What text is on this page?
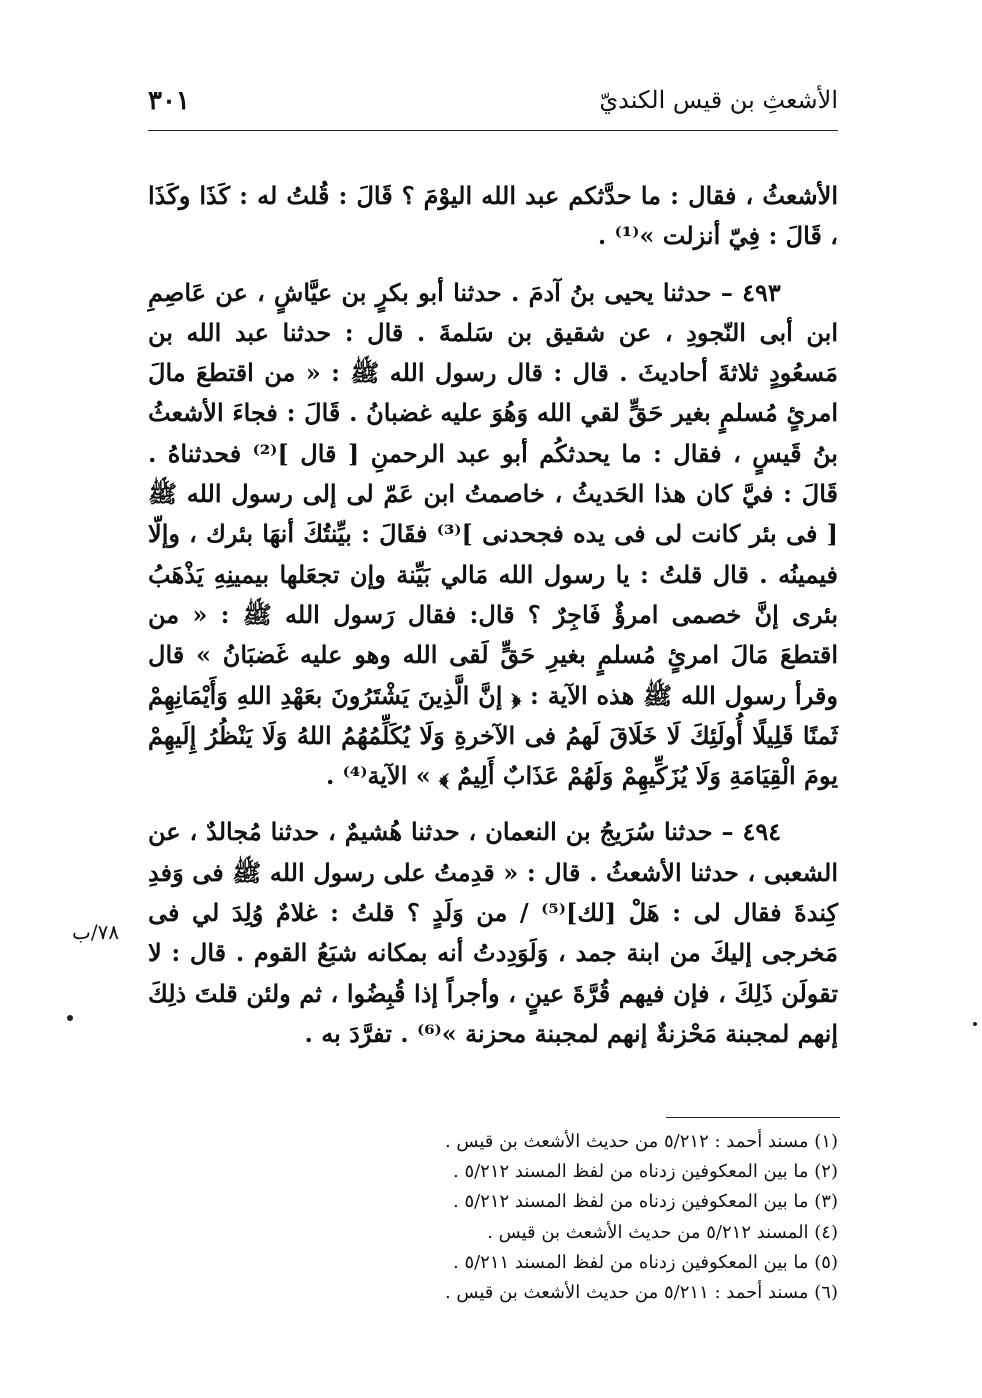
الأشعثِ بن قيس الكنديّ
٣٠١

الأشعثُ ، فقال : ما حدَّثكم عبد الله اليوْمَ ؟ قَالَ : قُلتُ له : كَذَا وكَذَا ، قَالَ : فِيّ أنزلت »⁽¹⁾ .

٤٩٣ – حدثنا يحيى بنُ آدمَ . حدثنا أبو بكرٍ بن عيَّاشٍ ، عن عَاصِمِ ابن أبى النّجودِ ، عن شقيق بن سَلمةَ . قال : حدثنا عبد الله بن مَسعُودٍ ثلاثةَ أحاديثَ . قال : قال رسول الله ﷺ : « من اقتطعَ مالَ امرئٍ مُسلمٍ بغير حَقٍّ لقي الله وَهُوَ عليه غضبانُ . قَالَ : فجاءَ الأشعثُ بنُ قَيسٍ ، فقال : ما يحدثكُم أبو عبد الرحمنِ [ قال ]⁽²⁾ فحدثناهُ . قَالَ : فيَّ كان هذا الحَديثُ ، خاصمتُ ابن عَمّ لى إلى رسول الله ﷺ [ فى بئر كانت لى فى يده فجحدنى ]⁽³⁾ فقَالَ : بيِّنتُكَ أنهَا بئرك ، وإلّا فيمينُه . قال قلتُ : يا رسول الله مَالي بَيِّنة وإن تجعَلها بيمينِهِ يَذْهَبُ بئرى إنَّ خصمى امرؤٌ فَاجِرٌ ؟ قال: فقال رَسول الله ﷺ : « من اقتطعَ مَالَ امرئٍ مُسلمٍ بغيرِ حَقٍّ لَقى الله وهو عليه غَضبَانُ » قال وقرأ رسول الله ﷺ هذه الآية : ﴿ إنَّ الَّذِينَ يَشْتَرُونَ بعَهْدِ اللهِ وَأَيْمَانِهِمْ ثَمنًا قَلِيلًا أُولَئِكَ لَا خَلَاقَ لَهمُ فى الآخرةِ وَلَا يُكَلِّمُهُمُ اللهُ وَلَا يَنْظُرُ إِلَيهِمْ يومَ الْقِيَامَةِ وَلَا يُزَكِّيهِمْ وَلَهُمْ عَذَابٌ أَلِيمٌ ﴾ » الآية⁽⁴⁾ .

٤٩٤ – حدثنا سُرَيجُ بن النعمان ، حدثنا هُشيمٌ ، حدثنا مُجالدٌ ، عن الشعبى ، حدثنا الأشعثُ . قال : « قدِمتُ على رسول الله ﷺ فى وَفدِ كِندةَ فقال لى : هَلْ [لك]⁽⁵⁾ / من وَلَدٍ ؟ قلتُ : غلامٌ وُلِدَ لي فى مَخرجى إليكَ من ابنة جمد ، وَلَوَدِدتُ أنه بمكانه شبَعُ القوم . قال : لا تقولَن ذَلِكَ ، فإن فيهم قُرَّةَ عينٍ ، وأجراً إذا قُبِضُوا ، ثم ولئن قلتَ ذلِكَ إنهم لمجبنة مَحْزنةٌ إنهم لمجبنة محزنة »⁽⁶⁾ . تفرَّدَ به .

٧٨/ب
(١) مسند أحمد : ٥/٢١٢ من حديث الأشعث بن قيس .
(٢) ما بين المعكوفين زدناه من لفظ المسند ٥/٢١٢ .
(٣) ما بين المعكوفين زدناه من لفظ المسند ٥/٢١٢ .
(٤) المسند ٥/٢١٢ من حديث الأشعث بن قيس .
(٥) ما بين المعكوفين زدناه من لفظ المسند ٥/٢١١ .
(٦) مسند أحمد : ٥/٢١١ من حديث الأشعث بن قيس .
